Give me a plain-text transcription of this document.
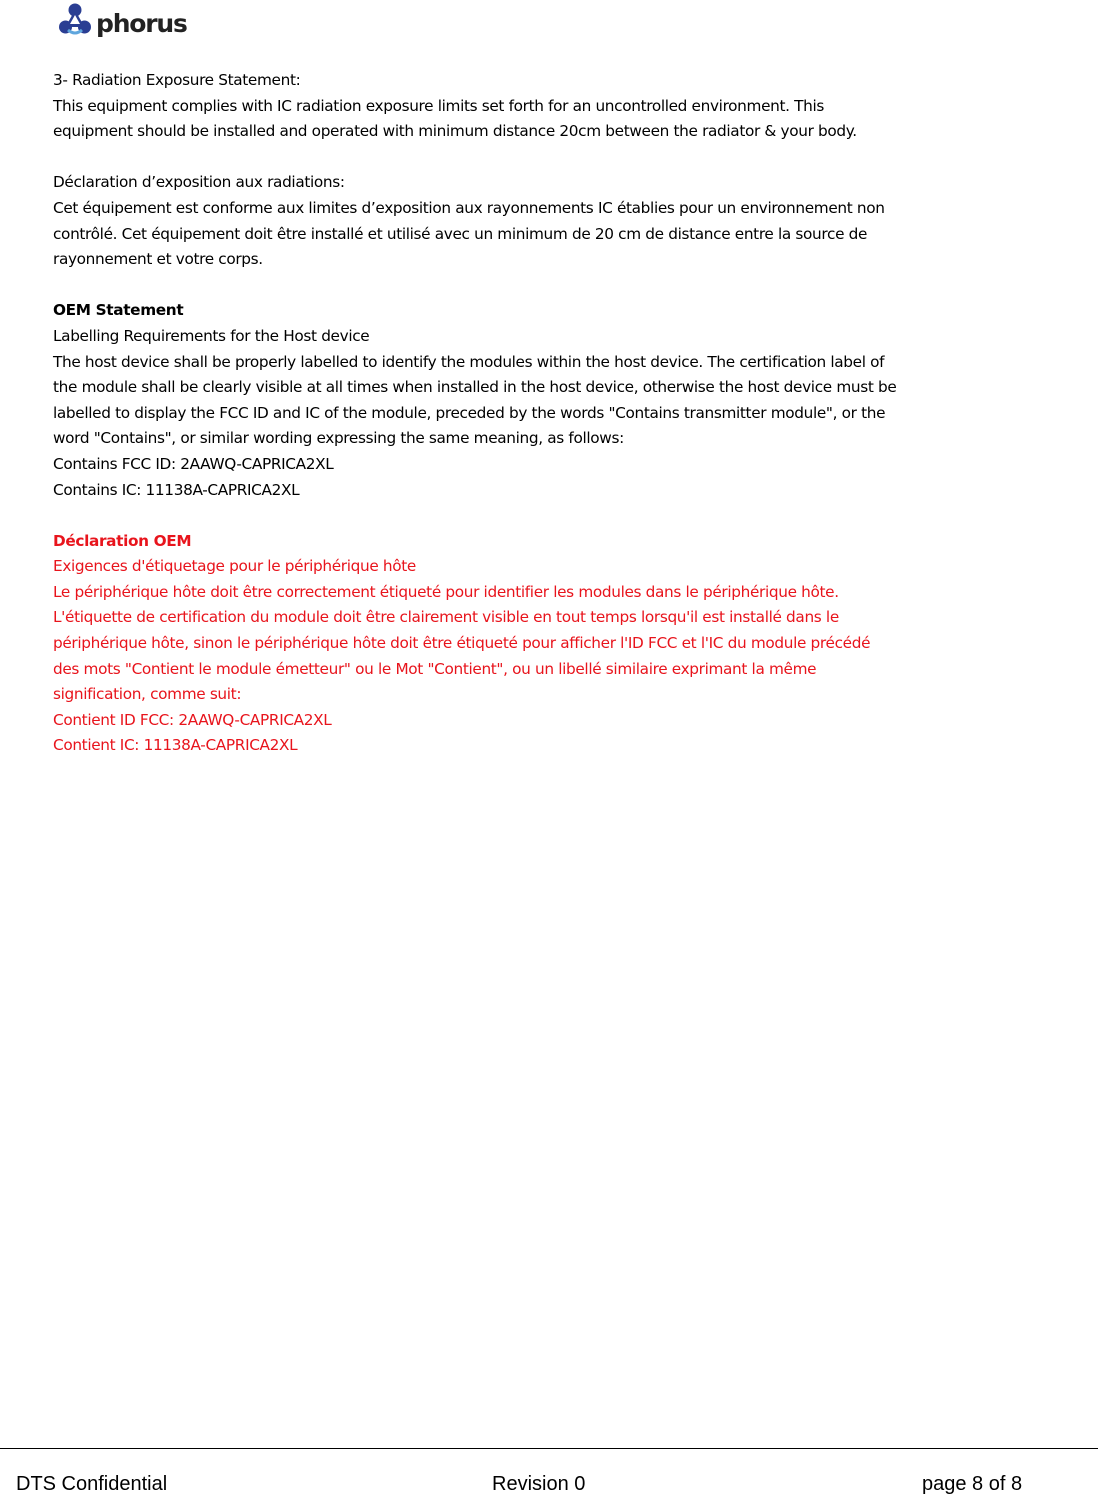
phorus

3- Radiation Exposure Statement:

This equipment complies with IC radiation exposure limits set forth for an uncontrolled environment. This

equipment should be installed and operated with minimum distance 20cm between the radiator & your body.

Déclaration d’exposition aux radiations:

Cet équipement est conforme aux limites d’exposition aux rayonnements IC établies pour un environnement non

contrôlé. Cet équipement doit être installé et utilisé avec un minimum de 20 cm de distance entre la source de

rayonnement et votre corps.

OEM Statement

Labelling Requirements for the Host device

The host device shall be properly labelled to identify the modules within the host device. The certification label of

the module shall be clearly visible at all times when installed in the host device, otherwise the host device must be

labelled to display the FCC ID and IC of the module, preceded by the words "Contains transmitter module", or the

word "Contains", or similar wording expressing the same meaning, as follows:

Contains FCC ID: 2AAWQ-CAPRICA2XL

Contains IC: 11138A-CAPRICA2XL

Déclaration OEM

Exigences d'étiquetage pour le périphérique hôte

Le périphérique hôte doit être correctement étiqueté pour identifier les modules dans le périphérique hôte.

L'étiquette de certification du module doit être clairement visible en tout temps lorsqu'il est installé dans le

périphérique hôte, sinon le périphérique hôte doit être étiqueté pour afficher l'ID FCC et l'IC du module précédé

des mots "Contient le module émetteur" ou le Mot "Contient", ou un libellé similaire exprimant la même

signification, comme suit:

Contient ID FCC: 2AAWQ-CAPRICA2XL

Contient IC: 11138A-CAPRICA2XL

DTS Confidential	Revision 0	page 8 of 8
